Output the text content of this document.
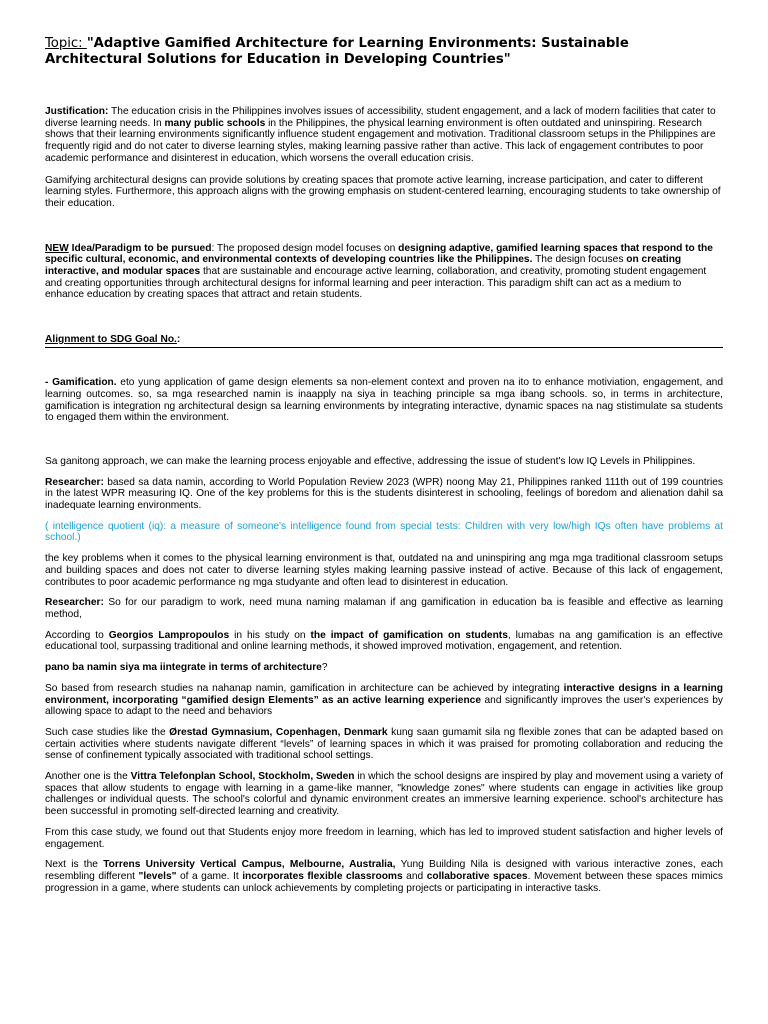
Topic: "Adaptive Gamified Architecture for Learning Environments: Sustainable Architectural Solutions for Education in Developing Countries"

Justification: The education crisis in the Philippines involves issues of accessibility, student engagement, and a lack of modern facilities that cater to diverse learning needs. In many public schools in the Philippines, the physical learning environment is often outdated and uninspiring. Research shows that their learning environments significantly influence student engagement and motivation. Traditional classroom setups in the Philippines are frequently rigid and do not cater to diverse learning styles, making learning passive rather than active. This lack of engagement contributes to poor academic performance and disinterest in education, which worsens the overall education crisis.

Gamifying architectural designs can provide solutions by creating spaces that promote active learning, increase participation, and cater to different learning styles. Furthermore, this approach aligns with the growing emphasis on student-centered learning, encouraging students to take ownership of their education.

NEW Idea/Paradigm to be pursued: The proposed design model focuses on designing adaptive, gamified learning spaces that respond to the specific cultural, economic, and environmental contexts of developing countries like the Philippines. The design focuses on creating interactive, and modular spaces that are sustainable and encourage active learning, collaboration, and creativity, promoting student engagement and creating opportunities through architectural designs for informal learning and peer interaction. This paradigm shift can act as a medium to enhance education by creating spaces that attract and retain students.

Alignment to SDG Goal No.:

- Gamification. eto yung application of game design elements sa non-element context and proven na ito to enhance motiviation, engagement, and learning outcomes. so, sa mga researched namin is inaapply na siya in teaching principle sa mga ibang schools. so, in terms in architecture, gamification is integration ng architectural design sa learning environments by integrating interactive, dynamic spaces na nag stistimulate sa students to engaged them within the environment.

Sa ganitong approach, we can make the learning process enjoyable and effective, addressing the issue of student's low IQ Levels in Philippines.

Researcher: based sa data namin, according to World Population Review 2023 (WPR) noong May 21, Philippines ranked 111th out of 199 countries in the latest WPR measuring IQ. One of the key problems for this is the students disinterest in schooling, feelings of boredom and alienation dahil sa inadequate learning environments.

( intelligence quotient (iq): a measure of someone's intelligence found from special tests: Children with very low/high IQs often have problems at school.)

the key problems when it comes to the physical learning environment is that, outdated na and uninspiring ang mga mga traditional classroom setups and building spaces and does not cater to diverse learning styles making learning passive instead of active. Because of this lack of engagement, contributes to poor academic performance ng mga studyante and often lead to disinterest in education.

Researcher: So for our paradigm to work, need muna naming malaman if ang gamification in education ba is feasible and effective as learning method,

According to Georgios Lampropoulos in his study on the impact of gamification on students, lumabas na ang gamification is an effective educational tool, surpassing traditional and online learning methods, it showed improved motivation, engagement, and retention.

pano ba namin siya ma iintegrate in terms of architecture?

So based from research studies na nahanap namin, gamification in architecture can be achieved by integrating interactive designs in a learning environment, incorporating “gamified design Elements” as an active learning experience and significantly improves the user's experiences by allowing space to adapt to the need and behaviors

Such case studies like the Ørestad Gymnasium, Copenhagen, Denmark kung saan gumamit sila ng flexible zones that can be adapted based on certain activities where students navigate different “levels” of learning spaces in which it was praised for promoting collaboration and reducing the sense of confinement typically associated with traditional school settings.

Another one is the Vittra Telefonplan School, Stockholm, Sweden in which the school designs are inspired by play and movement using a variety of spaces that allow students to engage with learning in a game-like manner, "knowledge zones" where students can engage in activities like group challenges or individual quests. The school's colorful and dynamic environment creates an immersive learning experience. school's architecture has been successful in promoting self-directed learning and creativity.

From this case study, we found out that Students enjoy more freedom in learning, which has led to improved student satisfaction and higher levels of engagement.

Next is the Torrens University Vertical Campus, Melbourne, Australia, Yung Building Nila is designed with various interactive zones, each resembling different "levels" of a game. It incorporates flexible classrooms and collaborative spaces. Movement between these spaces mimics progression in a game, where students can unlock achievements by completing projects or participating in interactive tasks.
